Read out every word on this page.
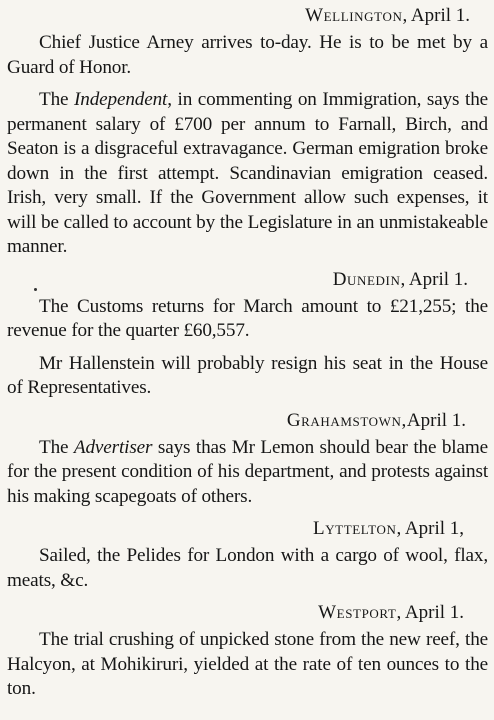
Wellington, April 1.

Chief Justice Arney arrives to-day. He is to be met by a Guard of Honor.

The Independent, in commenting on Immigration, says the permanent salary of £700 per annum to Farnall, Birch, and Seaton is a disgraceful extravagance. German emigration broke down in the first attempt. Scandinavian emigration ceased. Irish, very small. If the Government allow such expenses, it will be called to account by the Legislature in an unmistakeable manner.

Dunedin, April 1.

The Customs returns for March amount to £21,255; the revenue for the quarter £60,557.

Mr Hallenstein will probably resign his seat in the House of Representatives.

Grahamstown,April 1.

The Advertiser says thas Mr Lemon should bear the blame for the present condition of his department, and protests against his making scapegoats of others.

Lyttelton, April 1,

Sailed, the Pelides for London with a cargo of wool, flax, meats, &c.

Westport, April 1.

The trial crushing of unpicked stone from the new reef, the Halcyon, at Mohikiruri, yielded at the rate of ten ounces to the ton.
